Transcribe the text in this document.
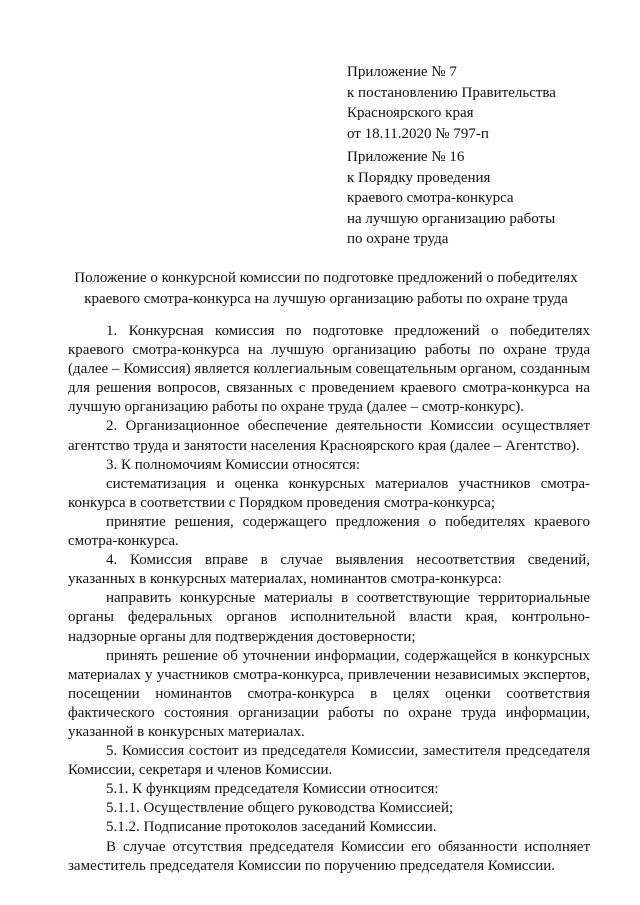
Приложение № 7
к постановлению Правительства
Красноярского края
от 18.11.2020 № 797-п
Приложение № 16
к Порядку проведения
краевого смотра-конкурса
на лучшую организацию работы
по охране труда
Положение о конкурсной комиссии по подготовке предложений о победителях
краевого смотра-конкурса на лучшую организацию работы по охране труда

1. Конкурсная комиссия по подготовке предложений о победителях краевого смотра-конкурса на лучшую организацию работы по охране труда (далее – Комиссия) является коллегиальным совещательным органом, созданным для решения вопросов, связанных с проведением краевого смотра-конкурса на лучшую организацию работы по охране труда (далее – смотр-конкурс).

2. Организационное обеспечение деятельности Комиссии осуществляет агентство труда и занятости населения Красноярского края (далее – Агентство).

3. К полномочиям Комиссии относятся:

систематизация и оценка конкурсных материалов участников смотра-конкурса в соответствии с Порядком проведения смотра-конкурса;

принятие решения, содержащего предложения о победителях краевого смотра-конкурса.

4. Комиссия вправе в случае выявления несоответствия сведений, указанных в конкурсных материалах, номинантов смотра-конкурса:

направить конкурсные материалы в соответствующие территориальные органы федеральных органов исполнительной власти края, контрольно-надзорные органы для подтверждения достоверности;

принять решение об уточнении информации, содержащейся в конкурсных материалах у участников смотра-конкурса, привлечении независимых экспертов, посещении номинантов смотра-конкурса в целях оценки соответствия фактического состояния организации работы по охране труда информации, указанной в конкурсных материалах.

5. Комиссия состоит из председателя Комиссии, заместителя председателя Комиссии, секретаря и членов Комиссии.

5.1. К функциям председателя Комиссии относится:

5.1.1. Осуществление общего руководства Комиссией;

5.1.2. Подписание протоколов заседаний Комиссии.

В случае отсутствия председателя Комиссии его обязанности исполняет заместитель председателя Комиссии по поручению председателя Комиссии.
